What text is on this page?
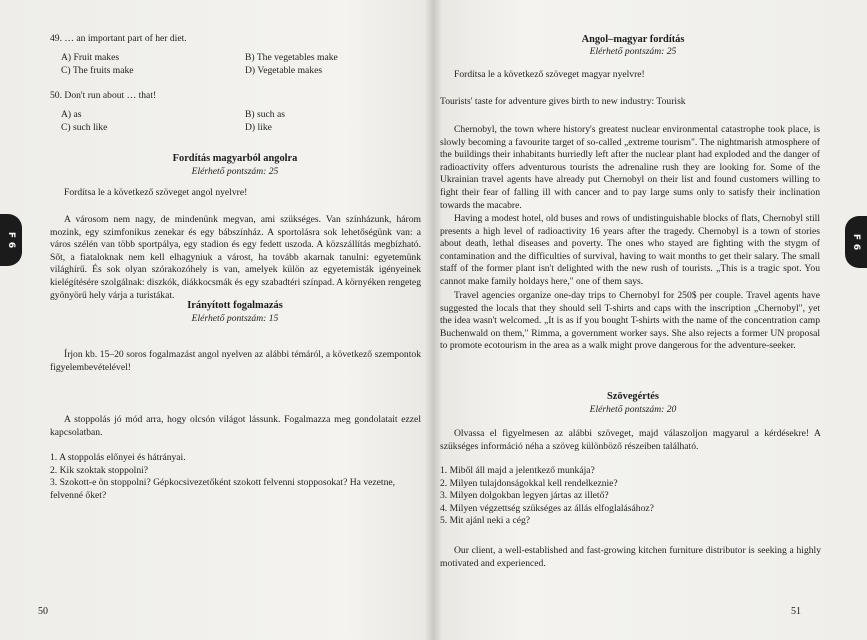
49. … an important part of her diet.

A) Fruit makes	B) The vegetables make
C) The fruits make	D) Vegetable makes

50. Don't run about … that!

A) as	B) such as
C) such like	D) like
Fordítás magyarból angolra
Elérhető pontszám: 25
Fordítsa le a következő szöveget angol nyelvre!
A városom nem nagy, de mindenünk megvan, ami szükséges. Van színházunk, három mozink, egy szimfonikus zenekar és egy bábszínház. A sportolásra sok lehetőségünk van: a város szélén van több sportpálya, egy stadion és egy fedett uszoda. A közszállítás megbízható. Sőt, a fiataloknak nem kell elhagyniuk a várost, ha tovább akarnak tanulni: egyetemünk világhírű. És sok olyan szórakozóhely is van, amelyek külön az egyetemisták igényeinek kielégítésére szolgálnak: diszkók, diákkocsmák és egy szabadtéri színpad. A környéken rengeteg gyönyörű hely várja a turistákat.
Irányított fogalmazás
Elérhető pontszám: 15
Írjon kb. 15–20 soros fogalmazást angol nyelven az alábbi témáról, a következő szempontok figyelembevételével!
A stoppolás jó mód arra, hogy olcsón világot lássunk. Fogalmazza meg gondolatait ezzel kapcsolatban.

1. A stoppolás előnyei és hátrányai.

2. Kik szoktak stoppolni?

3. Szokott-e ön stoppolni? Gépkocsivezetőként szokott felvenni stopposokat? Ha vezetne, felvenné őket?

50
F
6
Angol–magyar fordítás
Elérhető pontszám: 25
Fordítsa le a következő szöveget magyar nyelvre!
Tourists' taste for adventure gives birth to new industry: Tourisk
Chernobyl, the town where history's greatest nuclear environmental catastrophe took place, is slowly becoming a favourite target of so-called „extreme tourism". The nightmarish atmosphere of the buildings their inhabitants hurriedly left after the nuclear plant had exploded and the danger of radioactivity offers adventurous tourists the adrenaline rush they are looking for. Some of the Ukrainian travel agents have already put Chernobyl on their list and found customers willing to fight their fear of falling ill with cancer and to pay large sums only to satisfy their inclination towards the macabre.
Having a modest hotel, old buses and rows of undistinguishable blocks of flats, Chernobyl still presents a high level of radioactivity 16 years after the tragedy. Chernobyl is a town of stories about death, lethal diseases and poverty. The ones who stayed are fighting with the stygm of contamination and the difficulties of survival, having to wait months to get their salary. The small staff of the former plant isn't delighted with the new rush of tourists. „This is a tragic spot. You cannot make family holdays here," one of them says.
Travel agencies organize one-day trips to Chernobyl for 250$ per couple. Travel agents have suggested the locals that they should sell T-shirts and caps with the inscription „Chernobyl", yet the idea wasn't welcomed. „It is as if you bought T-shirts with the name of the concentration camp Buchenwald on them," Rimma, a government worker says. She also rejects a former UN proposal to promote ecotourism in the area as a walk might prove dangerous for the adventure-seeker.
Szövegértés
Elérhető pontszám: 20
Olvassa el figyelmesen az alábbi szöveget, majd válaszoljon magyarul a kérdésekre! A szükséges információ néha a szöveg különböző részeiben található.

1. Miből áll majd a jelentkező munkája?

2. Milyen tulajdonságokkal kell rendelkeznie?

3. Milyen dolgokban legyen jártas az illető?

4. Milyen végzettség szükséges az állás elfoglalásához?

5. Mit ajánl neki a cég?

Our client, a well-established and fast-growing kitchen furniture distributor is seeking a highly motivated and experienced.
51
F
6
